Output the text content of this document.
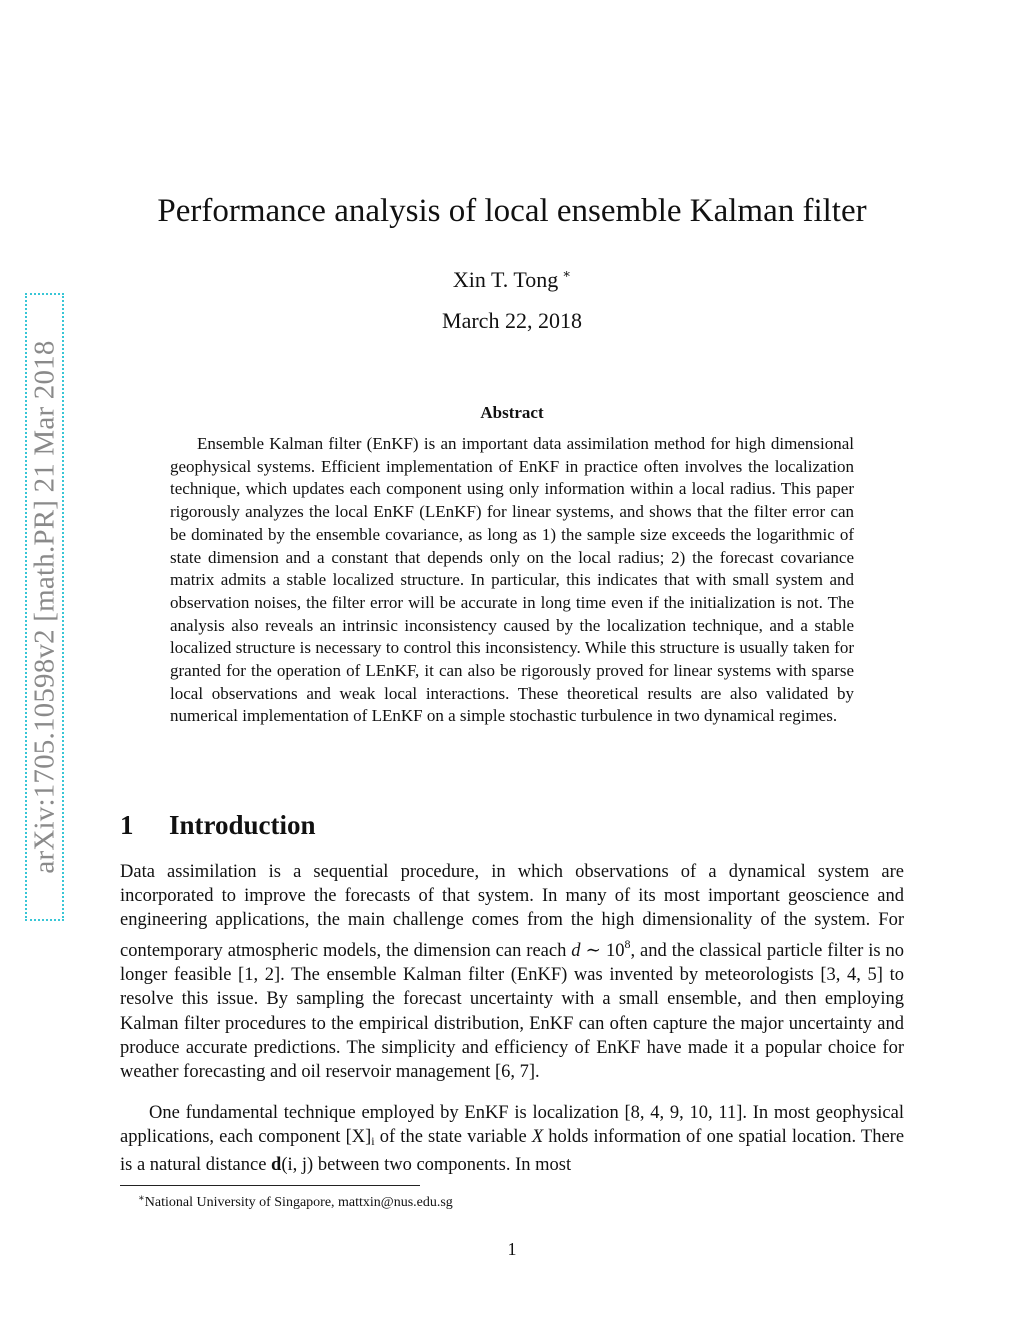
arXiv:1705.10598v2 [math.PR] 21 Mar 2018
Performance analysis of local ensemble Kalman filter
Xin T. Tong ∗
March 22, 2018
Abstract

Ensemble Kalman filter (EnKF) is an important data assimilation method for high dimensional geophysical systems. Efficient implementation of EnKF in practice often involves the localization technique, which updates each component using only information within a local radius. This paper rigorously analyzes the local EnKF (LEnKF) for linear systems, and shows that the filter error can be dominated by the ensemble covariance, as long as 1) the sample size exceeds the logarithmic of state dimension and a constant that depends only on the local radius; 2) the forecast covariance matrix admits a stable localized structure. In particular, this indicates that with small system and observation noises, the filter error will be accurate in long time even if the initialization is not. The analysis also reveals an intrinsic inconsistency caused by the localization technique, and a stable localized structure is necessary to control this inconsistency. While this structure is usually taken for granted for the operation of LEnKF, it can also be rigorously proved for linear systems with sparse local observations and weak local interactions. These theoretical results are also validated by numerical implementation of LEnKF on a simple stochastic turbulence in two dynamical regimes.

1 Introduction

Data assimilation is a sequential procedure, in which observations of a dynamical system are incorporated to improve the forecasts of that system. In many of its most important geoscience and engineering applications, the main challenge comes from the high dimensionality of the system. For contemporary atmospheric models, the dimension can reach d ∼ $10^8$, and the classical particle filter is no longer feasible [1, 2]. The ensemble Kalman filter (EnKF) was invented by meteorologists [3, 4, 5] to resolve this issue. By sampling the forecast uncertainty with a small ensemble, and then employing Kalman filter procedures to the empirical distribution, EnKF can often capture the major uncertainty and produce accurate predictions. The simplicity and efficiency of EnKF have made it a popular choice for weather forecasting and oil reservoir management [6, 7].

One fundamental technique employed by EnKF is localization [8, 4, 9, 10, 11]. In most geophysical applications, each component $[X]_i$ of the state variable X holds information of one spatial location. There is a natural distance d(i, j) between two components. In most

∗National University of Singapore, mattxin@nus.edu.sg
1
